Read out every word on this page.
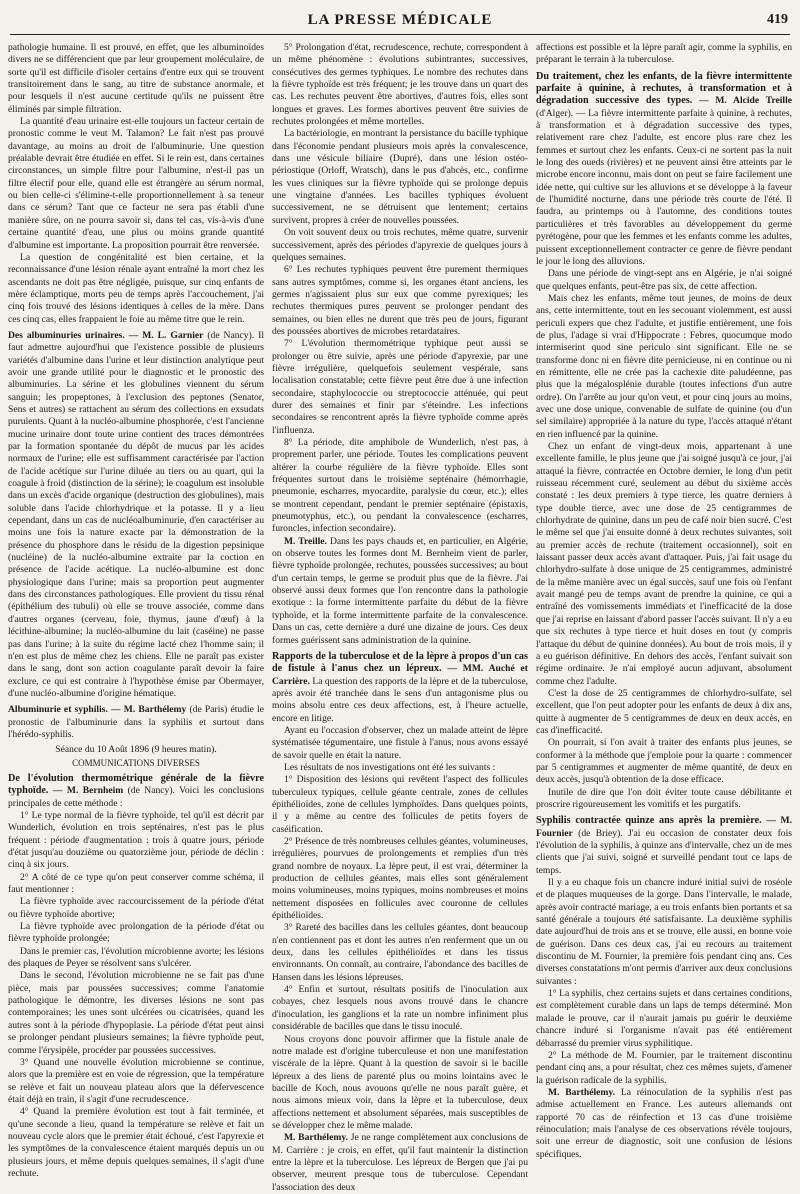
LA PRESSE MÉDICALE	419

pathologie humaine. Il est prouvé, en effet, que les albuminoïdes divers ne se différencient que par leur groupement moléculaire, de sorte qu'il est difficile d'isoler certains d'entre eux qui se trouvent transitoirement dans le sang, au titre de substance anormale, et pour lesquels il n'est aucune certitude qu'ils ne puissent être éliminés par simple filtration.

La quantité d'eau urinaire est-elle toujours un facteur certain de pronostic comme le veut M. Talamon? Le fait n'est pas prouvé davantage, au moins au droit de l'albuminurie. Une question préalable devrait être étudiée en effet. Si le rein est, dans certaines circonstances, un simple filtre pour l'albumine, n'est-il pas un filtre électif pour elle, quand elle est étrangère au sérum normal, ou bien celle-ci s'élimine-t-elle proportionnellement à sa teneur dans ce sérum? Tant que ce facteur ne sera pas établi d'une manière sûre, on ne pourra savoir si, dans tel cas, vis-à-vis d'une certaine quantité d'eau, une plus ou moins grande quantité d'albumine est importante. La proposition pourrait être renversée.

La question de congénitalité est bien certaine, et la reconnaissance d'une lésion rénale ayant entraîné la mort chez les ascendants ne doit pas être négligée, puisque, sur cinq enfants de mère éclamptique, morts peu de temps après l'accouchement, j'ai cinq fois trouvé des lésions identiques à celles de la mère. Dans ces cinq cas, elles frappaient le foie au même titre que le rein.

Des albuminuries urinaires. — M. L. Garnier (de Nancy). Il faut admettre aujourd'hui que l'existence possible de plusieurs variétés d'albumine dans l'urine et leur distinction analytique peut avoir une grande utilité pour le diagnostic et le pronostic des albuminuries. La sérine et les globulines viennent du sérum sanguin; les propeptones, à l'exclusion des peptones (Senator, Sens et autres) se rattachent au sérum des collections en exsudats purulents. Quant à la nucléo-albumine phosphorée, c'est l'ancienne mucine urinaire dont toute urine contient des traces démontrées par la formation spontanée du dépôt de mucus par les acides normaux de l'urine; elle est suffisamment caractérisée par l'action de l'acide acétique sur l'urine diluée au tiers ou au quart, qui la coagule à froid (distinction de la sérine); le coagulum est insoluble dans un excès d'acide organique (destruction des globulines), mais soluble dans l'acide chlorhydrique et la potasse. Il y a lieu cependant, dans un cas de nucléoalbuminurie, d'en caractériser au moins une fois la nature exacte par la démonstration de la présence du phosphore dans le résidu de la digestion pepsinique (nucléine) de la nucléo-albumine extraite par la coction en présence de l'acide acétique. La nucléo-albumine est donc physiologique dans l'urine; mais sa proportion peut augmenter dans des circonstances pathologiques. Elle provient du tissu rénal (épithélium des tubuli) où elle se trouve associée, comme dans d'autres organes (cerveau, foie, thymus, jaune d'œuf) à la lécithine-albumine; la nucléo-albumine du lait (caséine) ne passe pas dans l'urine; à la suite du régime lacté chez l'homme sain; il n'en est plus de même chez les chiens. Elle ne paraît pas exister dans le sang, dont son action coagulante paraît devoir la faire exclure, ce qui est contraire à l'hypothèse émise par Obermayer, d'une nucléo-albumine d'origine hématique.

Albuminurie et syphilis. — M. Barthélemy (de Paris) étudie le pronostic de l'albuminurie dans la syphilis et surtout dans l'hérédo-syphilis.

Séance du 10 Août 1896 (9 heures matin).

COMMUNICATIONS DIVERSES

De l'évolution thermométrique générale de la fièvre typhoïde. — M. Bernheim (de Nancy). Voici les conclusions principales de cette méthode :

1° Le type normal de la fièvre typhoïde, tel qu'il est décrit par Wunderlich, évolution en trois septénaires, n'est pas le plus fréquent : période d'augmentation : trois à quatre jours, période d'état jusqu'au douzième ou quatorzième jour, période de déclin : cinq à six jours.

2° A côté de ce type qu'on peut conserver comme schéma, il faut mentionner :

La fièvre typhoïde avec raccourcissement de la période d'état ou fièvre typhoïde abortive;

La fièvre typhoïde avec prolongation de la période d'état ou fièvre typhoïde prolongée;

Dans le premier cas, l'évolution microbienne avorte; les lésions des plaques de Peyer se résolvent sans s'ulcérer.

Dans le second, l'évolution microbienne ne se fait pas d'une pièce, mais par poussées successives; comme l'anatomie pathologique le démontre, les diverses lésions ne sont pas contemporaines; les unes sont ulcérées ou cicatrisées, quand les autres sont à la période d'hypoplasie. La période d'état peut ainsi se prolonger pendant plusieurs semaines; la fièvre typhoïde peut, comme l'érysipèle, procéder par poussées successives.

3° Quand une nouvelle évolution microbienne se continue, alors que la première est en voie de régression, que la température se relève et fait un nouveau plateau alors que la défervescence était déjà en train, il s'agit d'une recrudescence.

4° Quand la première évolution est tout à fait terminée, et qu'une seconde a lieu, quand la température se relève et fait un nouveau cycle alors que le premier était échoué, c'est l'apyrexie et les symptômes de la convalescence étaient marqués depuis un ou plusieurs jours, et même depuis quelques semaines, il s'agit d'une rechute.

5° Prolongation d'état, recrudescence, rechute, correspondent à un même phénomène : évolutions subintrantes, successives, consécutives des germes typhiques. Le nombre des rechutes dans la fièvre typhoïde est très fréquent; je les trouve dans un quart des cas. Les rechutes peuvent être abortives, d'autres fois, elles sont longues et graves. Les formes abortives peuvent être suivies de rechutes prolongées et même mortelles.

La bactériologie, en montrant la persistance du bacille typhique dans l'économie pendant plusieurs mois après la convalescence, dans une vésicule biliaire (Dupré), dans une lésion ostéo-périostique (Orloff, Wratsch), dans le pus d'abcès, etc., confirme les vues cliniques sur la fièvre typhoïde qui se prolonge depuis une vingtaine d'années. Les bacilles typhiques évoluent successivement, ne se détruisent que lentement; certains survivent, propres à créer de nouvelles poussées.

On voit souvent deux ou trois rechutes, même quatre, survenir successivement, après des périodes d'apyrexie de quelques jours à quelques semaines.

6° Les rechutes typhiques peuvent être purement thermiques sans autres symptômes, comme si, les organes étant anciens, les germes n'agissaient plus sur eux que comme pyrexiques; les rechutes thermiques pures peuvent se prolonger pendant des semaines, ou bien elles ne durent que très peu de jours, figurant des poussées abortives de microbes retardataires.

7° L'évolution thermométrique typhique peut aussi se prolonger ou être suivie, après une période d'apyrexie, par une fièvre irrégulière, quelquefois seulement vespérale, sans localisation constatable; cette fièvre peut être due à une infection secondaire, staphylococcie ou streptococcie atténuée, qui peut durer des semaines et finir par s'éteindre. Les infections secondaires se rencontrent après la fièvre typhoïde comme après l'influenza.

8° La période, dite amphibole de Wunderlich, n'est pas, à proprement parler, une période. Toutes les complications peuvent altérer la courbe régulière de la fièvre typhoïde. Elles sont fréquentes surtout dans le troisième septénaire (hémorrhagie, pneumonie, escharres, myocardite, paralysie du cœur, etc.); elles se montrent cependant, pendant le premier septénaire (épistaxis, pneumotyphus, etc.), ou pendant la convalescence (escharres, furoncles, infection secondaire).

M. Treille. Dans les pays chauds et, en particulier, en Algérie, on observe toutes les formes dont M. Bernheim vient de parler, fièvre typhoïde prolongée, rechutes, poussées successives; au bout d'un certain temps, le germe se produit plus que de la fièvre. J'ai observé aussi deux formes que l'on rencontre dans la pathologie exotique : la forme intermittente parfaite du début de la fièvre typhoïde, et la forme intermittente parfaite de la convalescence. Dans un cas, cette dernière a duré une dizaine de jours. Ces deux formes guérissent sans administration de la quinine.

Rapports de la tuberculose et de la lèpre à propos d'un cas de fistule à l'anus chez un lépreux. — MM. Auché et Carrière. La question des rapports de la lèpre et de la tuberculose, après avoir été tranchée dans le sens d'un antagonisme plus ou moins absolu entre ces deux affections, est, à l'heure actuelle, encore en litige.

Ayant eu l'occasion d'observer, chez un malade atteint de lèpre systématisée tégumentaire, une fistule à l'anus, nous avons essayé de savoir quelle en était la nature.

Les résultats de nos investigations ont été les suivants :

1° Disposition des lésions qui revêtent l'aspect des follicules tuberculeux typiques, cellule géante centrale, zones de cellules épithélioïdes, zone de cellules lymphoïdes. Dans quelques points, il y a même au centre des follicules de petits foyers de caséification.

2° Présence de très nombreuses cellules géantes, volumineuses, irrégulières, pourvues de prolongements et remplies d'un très grand nombre de noyaux. La lèpre peut, il est vrai, déterminer la production de cellules géantes, mais elles sont généralement moins volumineuses, moins typiques, moins nombreuses et moins nettement disposées en follicules avec couronne de cellules épithélioïdes.

3° Rareté des bacilles dans les cellules géantes, dont beaucoup n'en contiennent pas et dont les autres n'en renferment que un ou deux, dans les cellules épithélioïdes et dans les tissus environnants. On connaît, au contraire, l'abondance des bacilles de Hansen dans les lésions lépreuses.

4° Enfin et surtout, résultats positifs de l'inoculation aux cobayes, chez lesquels nous avons trouvé dans le chancre d'inoculation, les ganglions et la rate un nombre infiniment plus considérable de bacilles que dans le tissu inoculé.

Nous croyons donc pouvoir affirmer que la fistule anale de notre malade est d'origine tuberculeuse et non une manifestation viscérale de la lèpre. Quant à la question de savoir si le bacille lépreux a des liens de parenté plus ou moins lointains avec le bacille de Koch, nous avouons qu'elle ne nous paraît guère, et nous aimons mieux voir, dans la lèpre et la tuberculose, deux affections nettement et absolument séparées, mais susceptibles de se développer chez le même malade.

M. Barthélemy. Je ne range complètement aux conclusions de M. Carrière : je crois, en effet, qu'il faut maintenir la distinction entre la lèpre et la tuberculose. Les lépreux de Bergen que j'ai pu observer, meurent presque tous de tuberculose. Cependant l'association des deux

affections est possible et la lèpre paraît agir, comme la syphilis, en préparant le terrain à la tuberculose.

Du traitement, chez les enfants, de la fièvre intermittente parfaite à quinine, à rechutes, à transformation et à dégradation successive des types. — M. Alcide Treille (d'Alger). — La fièvre intermittente parfaite à quinine, à rechutes, à transformation et à dégradation successive des types, relativement rare chez l'adulte, est encore plus rare chez les femmes et surtout chez les enfants. Ceux-ci ne sortent pas la nuit le long des oueds (rivières) et ne peuvent ainsi être atteints par le microbe encore inconnu, mais dont on peut se faire facilement une idée nette, qui cultive sur les alluvions et se développe à la faveur de l'humidité nocturne, dans une période très courte de l'été. Il faudra, au printemps ou à l'automne, des conditions toutes particulières et très favorables au développement du germe pyrétogène, pour que les femmes et les enfants comme les adultes, puissent exceptionnellement contracter ce genre de fièvre pendant le jour le long des alluvions.

Dans une période de vingt-sept ans en Algérie, je n'ai soigné que quelques enfants, peut-être pas six, de cette affection.

Mais chez les enfants, même tout jeunes, de moins de deux ans, cette intermittente, tout en les secouant violemment, est aussi periculi expers que chez l'adulte, et justifie entièrement, une fois de plus, l'adage si vrai d'Hippocrate : Febres, quocumque modo intermiserint quod sine periculo sint significant. Elle ne se transforme donc ni en fièvre dite pernicieuse, ni en continue ou ni en rémittente, elle ne crée pas la cachexie dite paludéenne, pas plus que la mégalosplénie durable (toutes infections d'un autre ordre). On l'arrête au jour qu'on veut, et pour cinq jours au moins, avec une dose unique, convenable de sulfate de quinine (ou d'un sel similaire) appropriée à la nature du type, l'accès attaqué n'étant en rien influencé par la quinine.

Chez un enfant de vingt-deux mois, appartenant à une excellente famille, le plus jeune que j'ai soigné jusqu'à ce jour, j'ai attaqué la fièvre, contractée en Octobre dernier, le long d'un petit ruisseau récemment curé, seulement au début du sixième accès constaté : les deux premiers à type tierce, les quatre derniers à type double tierce, avec une dose de 25 centigrammes de chlorhydrate de quinine, dans un peu de café noir bien sucré. C'est le même sel que j'ai ensuite donné à deux rechutes suivantes, soit au premier accès de rechute (traitement occasionnel), soit en laissant passer deux accès avant d'attaquer. Puis, j'ai fait usage du chlorhydro-sulfate à dose unique de 25 centigrammes, administré de la même manière avec un égal succès, sauf une fois où l'enfant avait mangé peu de temps avant de prendre la quinine, ce qui a entraîné des vomissements immédiats et l'inefficacité de la dose que j'ai reprise en laissant d'abord passer l'accès suivant. Il n'y a eu que six rechutes à type tierce et huit doses en tout (y compris l'attaque du début de quinine données). Au bout de trois mois, il y a eu guérison définitive. En dehors des accès, l'enfant suivait son régime ordinaire. Je n'ai employé aucun adjuvant, absolument comme chez l'adulte.

C'est la dose de 25 centigrammes de chlorhydro-sulfate, sel excellent, que l'on peut adopter pour les enfants de deux à dix ans, quitte à augmenter de 5 centigrammes de deux en deux accès, en cas d'inefficacité.

On pourrait, si l'on avait à traiter des enfants plus jeunes, se conformer à la méthode que j'emploie pour la quarte : commencer par 5 centigrammes et augmenter de même quantité, de deux en deux accès, jusqu'à obtention de la dose efficace.

Inutile de dire que l'on doit éviter toute cause débilitante et proscrire rigoureusement les vomitifs et les purgatifs.

Syphilis contractée quinze ans après la première. — M. Fournier (de Briey). J'ai eu occasion de constater deux fois l'évolution de la syphilis, à quinze ans d'intervalle, chez un de mes clients que j'ai suivi, soigné et surveillé pendant tout ce laps de temps.

Il y a eu chaque fois un chancre induré initial suivi de roséole et de plaques muqueuses de la gorge. Dans l'intervalle, le malade, après avoir contracté mariage, a eu trois enfants bien portants et sa santé générale a toujours été satisfaisante. La deuxième syphilis date aujourd'hui de trois ans et se trouve, elle aussi, en bonne voie de guérison. Dans ces deux cas, j'ai eu recours au traitement discontinu de M. Fournier, la première fois pendant cinq ans. Ces diverses constatations m'ont permis d'arriver aux deux conclusions suivantes :

1° La syphilis, chez certains sujets et dans certaines conditions, est complètement curable dans un laps de temps déterminé. Mon malade le prouve, car il n'aurait jamais pu guérir le deuxième chancre induré si l'organisme n'avait pas été entièrement débarrassé du premier virus syphilitique.

2° La méthode de M. Fournier, par le traitement discontinu pendant cinq ans, a pour résultat, chez ces mêmes sujets, d'amener la guérison radicale de la syphilis.

M. Barthélemy. La réinoculation de la syphilis n'est pas admise actuellement en France. Les auteurs allemands ont rapporté 70 cas de réinfection et 13 cas d'une troisième réinoculation; mais l'analyse de ces observations révèle toujours, soit une erreur de diagnostic, soit une confusion de lésions spécifiques.
